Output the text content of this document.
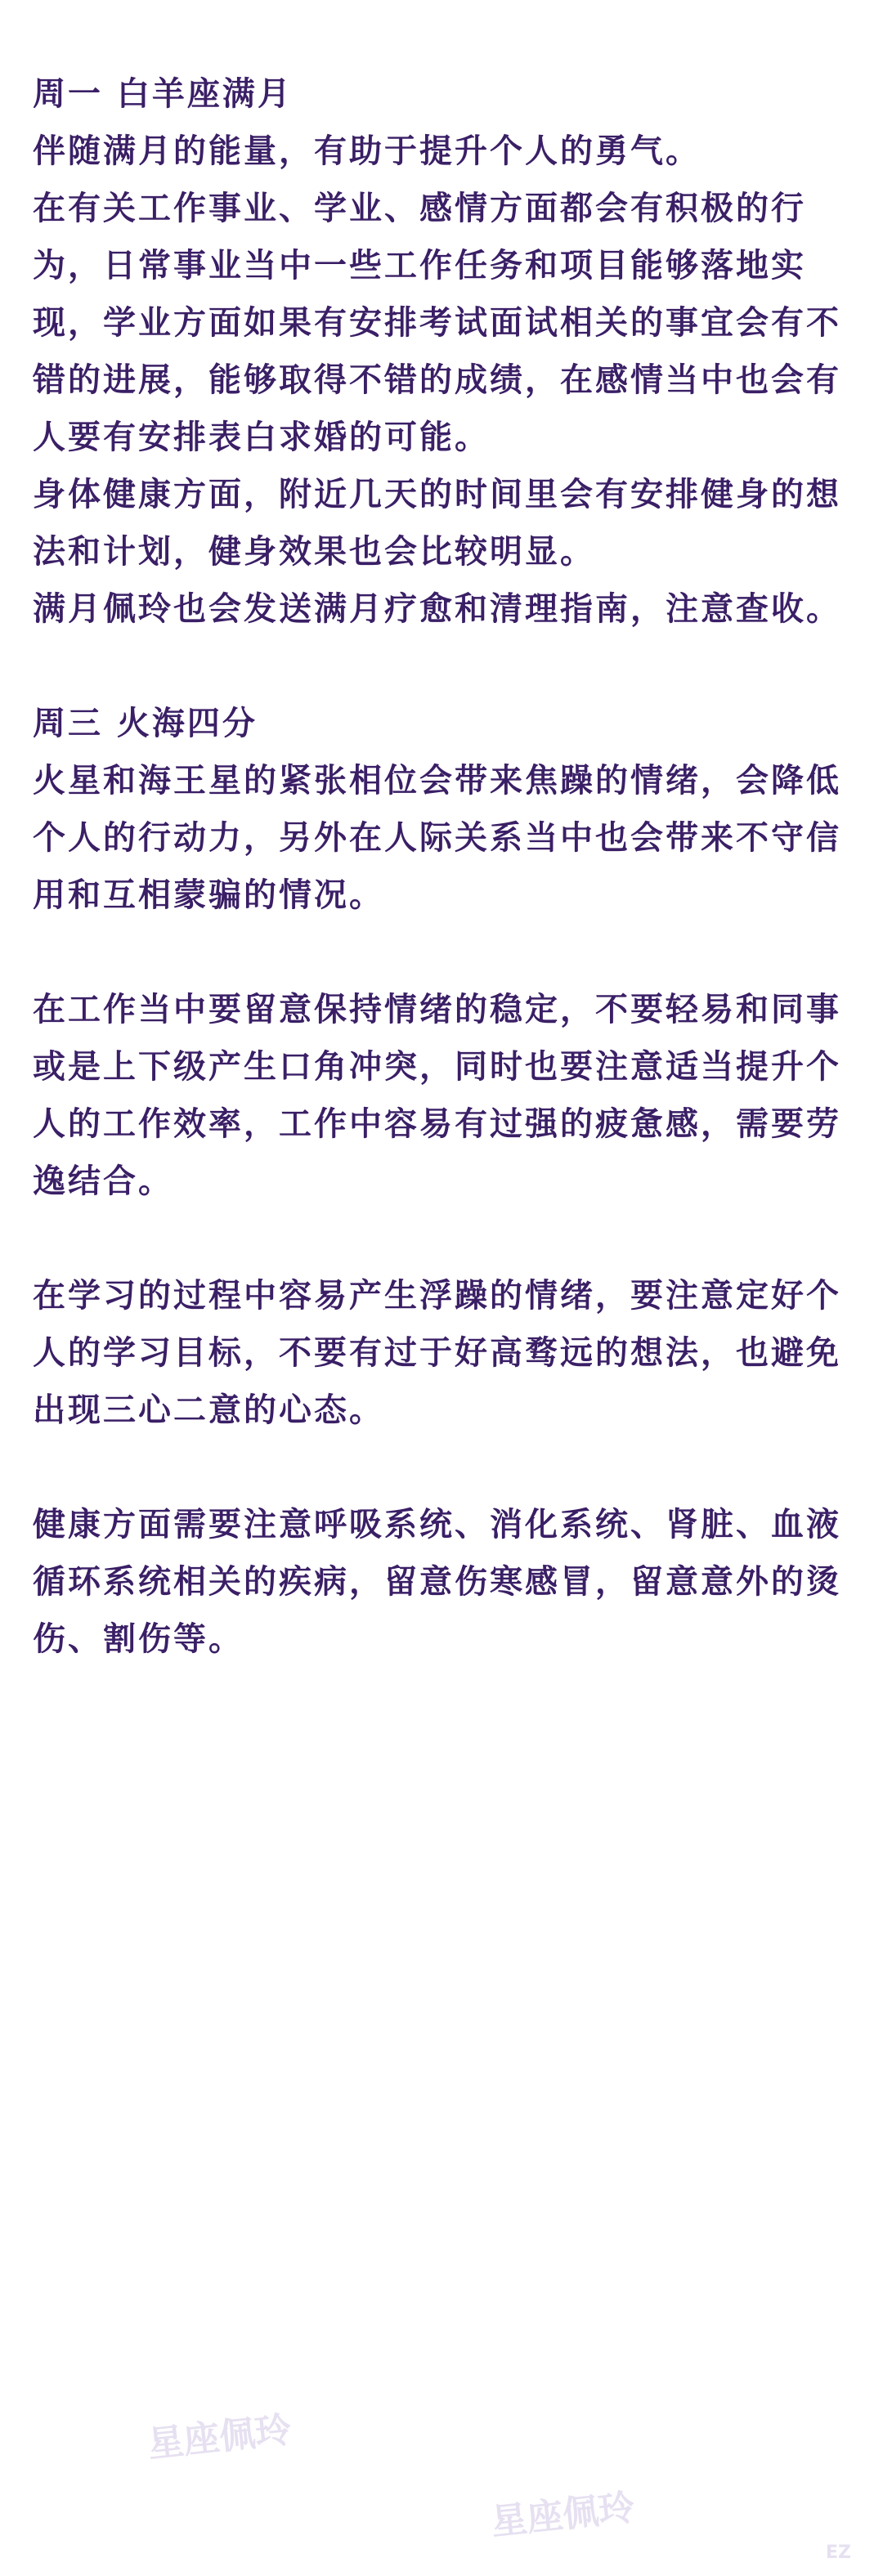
周一 白羊座满月
伴随满月的能量，有助于提升个人的勇气。
在有关工作事业、学业、感情方面都会有积极的行为，日常事业当中一些工作任务和项目能够落地实现，学业方面如果有安排考试面试相关的事宜会有不错的进展，能够取得不错的成绩，在感情当中也会有人要有安排表白求婚的可能。
身体健康方面，附近几天的时间里会有安排健身的想法和计划，健身效果也会比较明显。
满月佩玲也会发送满月疗愈和清理指南，注意查收。
周三 火海四分
火星和海王星的紧张相位会带来焦躁的情绪，会降低个人的行动力，另外在人际关系当中也会带来不守信用和互相蒙骗的情况。
在工作当中要留意保持情绪的稳定，不要轻易和同事或是上下级产生口角冲突，同时也要注意适当提升个人的工作效率，工作中容易有过强的疲惫感，需要劳逸结合。
在学习的过程中容易产生浮躁的情绪，要注意定好个人的学习目标，不要有过于好高骛远的想法，也避免出现三心二意的心态。
健康方面需要注意呼吸系统、消化系统、肾脏、血液循环系统相关的疾病，留意伤寒感冒，留意意外的烫伤、割伤等。
星座佩玲
星座佩玲
EZ
